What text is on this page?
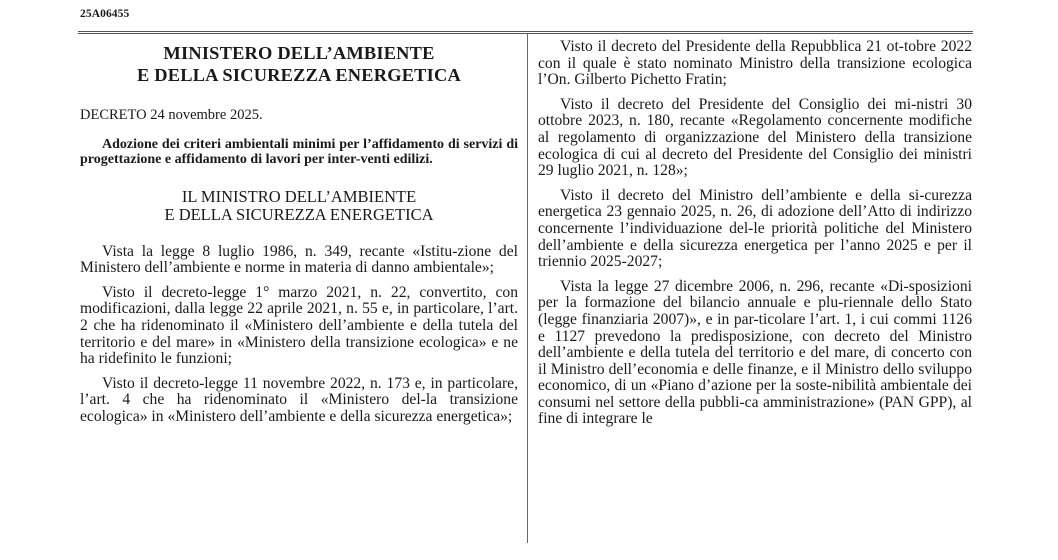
25A06455
MINISTERO DELL’AMBIENTE
E DELLA SICUREZZA ENERGETICA
DECRETO 24 novembre 2025.
Adozione dei criteri ambientali minimi per l’affidamento di servizi di progettazione e affidamento di lavori per inter-venti edilizi.
IL MINISTRO DELL’AMBIENTE
E DELLA SICUREZZA ENERGETICA

Vista la legge 8 luglio 1986, n. 349, recante «Istitu-zione del Ministero dell’ambiente e norme in materia di danno ambientale»;

Visto il decreto-legge 1° marzo 2021, n. 22, convertito, con modificazioni, dalla legge 22 aprile 2021, n. 55 e, in particolare, l’art. 2 che ha ridenominato il «Ministero dell’ambiente e della tutela del territorio e del mare» in «Ministero della transizione ecologica» e ne ha ridefinito le funzioni;

Visto il decreto-legge 11 novembre 2022, n. 173 e, in particolare, l’art. 4 che ha ridenominato il «Ministero del-la transizione ecologica» in «Ministero dell’ambiente e della sicurezza energetica»;

Visto il decreto del Presidente della Repubblica 21 ot-tobre 2022 con il quale è stato nominato Ministro della transizione ecologica l’On. Gilberto Pichetto Fratin;

Visto il decreto del Presidente del Consiglio dei mi-nistri 30 ottobre 2023, n. 180, recante «Regolamento concernente modifiche al regolamento di organizzazione del Ministero della transizione ecologica di cui al decreto del Presidente del Consiglio dei ministri 29 luglio 2021, n. 128»;

Visto il decreto del Ministro dell’ambiente e della si-curezza energetica 23 gennaio 2025, n. 26, di adozione dell’Atto di indirizzo concernente l’individuazione del-le priorità politiche del Ministero dell’ambiente e della sicurezza energetica per l’anno 2025 e per il triennio 2025-2027;

Vista la legge 27 dicembre 2006, n. 296, recante «Di-sposizioni per la formazione del bilancio annuale e plu-riennale dello Stato (legge finanziaria 2007)», e in par-ticolare l’art. 1, i cui commi 1126 e 1127 prevedono la predisposizione, con decreto del Ministro dell’ambiente e della tutela del territorio e del mare, di concerto con il Ministro dell’economia e delle finanze, e il Ministro dello sviluppo economico, di un «Piano d’azione per la soste-nibilità ambientale dei consumi nel settore della pubbli-ca amministrazione» (PAN GPP), al fine di integrare le
